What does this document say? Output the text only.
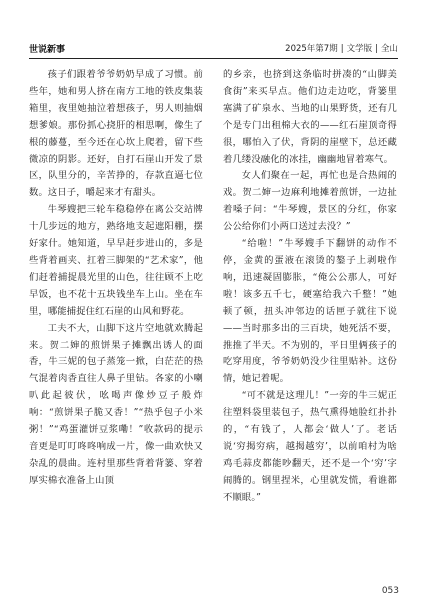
世说新事	2025年第7期 | 文学版 | 全山

孩子们跟着爷爷奶奶早成了习惯。前些年，她和男人挤在南方工地的铁皮集装箱里，夜里她抽泣着想孩子，男人则抽烟想爹娘。那份抓心挠肝的相思啊，像生了根的藤蔓，至今还在心坎上爬着，留下些微凉的阴影。还好，自打石崖山开发了景区，队里分的，辛苦挣的，存款直逼七位数。这日子，嚼起来才有甜头。

牛琴嫂把三轮车稳稳停在离公交站牌十几步远的地方，熟络地支起遮阳棚，摆好家什。她知道，早早赶步进山的，多是些背着画夹、扛着三脚架的“艺术家”，他们赶着捕捉晨光里的山色，往往顾不上吃早饭，也不花十五块钱坐车上山。坐在车里，哪能捕捉住红石崖的山风和野花。

工夫不大，山脚下这片空地就欢腾起来。贺二婶的煎饼果子摊飘出诱人的面香，牛三妮的包子蒸笼一掀，白茫茫的热气混着肉香直往人鼻子里钻。各家的小喇叭此起彼伏，吆喝声像炒豆子般炸响：“煎饼果子脆又香！”“热乎包子小米粥！”“鸡蛋灌饼豆浆嘞！”收款码的提示音更是叮叮咚咚响成一片，像一曲欢快又杂乱的晨曲。连村里那些背着背篓、穿着厚实棉衣准备上山顶

的乡亲，也挤到这条临时拼凑的“山脚美食街”来买早点。他们边走边吃，背篓里塞满了矿泉水、当地的山果野货，还有几个是专门出租棉大衣的——红石崖顶奇得很，哪怕入了伏，背阴的崖壁下，总还藏着几缕没融化的冰挂，幽幽地冒着寒气。

女人们聚在一起，再忙也是合热闹的戏。贺二婶一边麻利地摊着煎饼，一边扯着嗓子问：“牛琴嫂，景区的分红，你家公公给你们小两口送过去没？”

“给啦！”牛琴嫂手下翻饼的动作不停，金黄的蛋液在滚烫的鏊子上剥啦作响，迅速凝固膨胀，“俺公公那人，可好啦！该多五千七，硬塞给我六千整！”她顿了顿，扭头冲邻边的话匣子就往下说——当时那多出的三百块，她死活不要，推推了半天。不为别的，平日里俩孩子的吃穿用度，爷爷奶奶没少往里贴补。这份情，她记着呢。

“可不就是这理儿！”一旁的牛三妮正往塑料袋里装包子，热气熏得她脸红扑扑的，“有钱了，人都会‘做人’了。老话说‘穷揭穷病，越揭越穷’，以前咱村为啥鸡毛蒜皮都能吵翻天，还不是一个‘穷’字闹腾的。钢里捏米，心里就发慌，看谁都不顺眼。”

053
